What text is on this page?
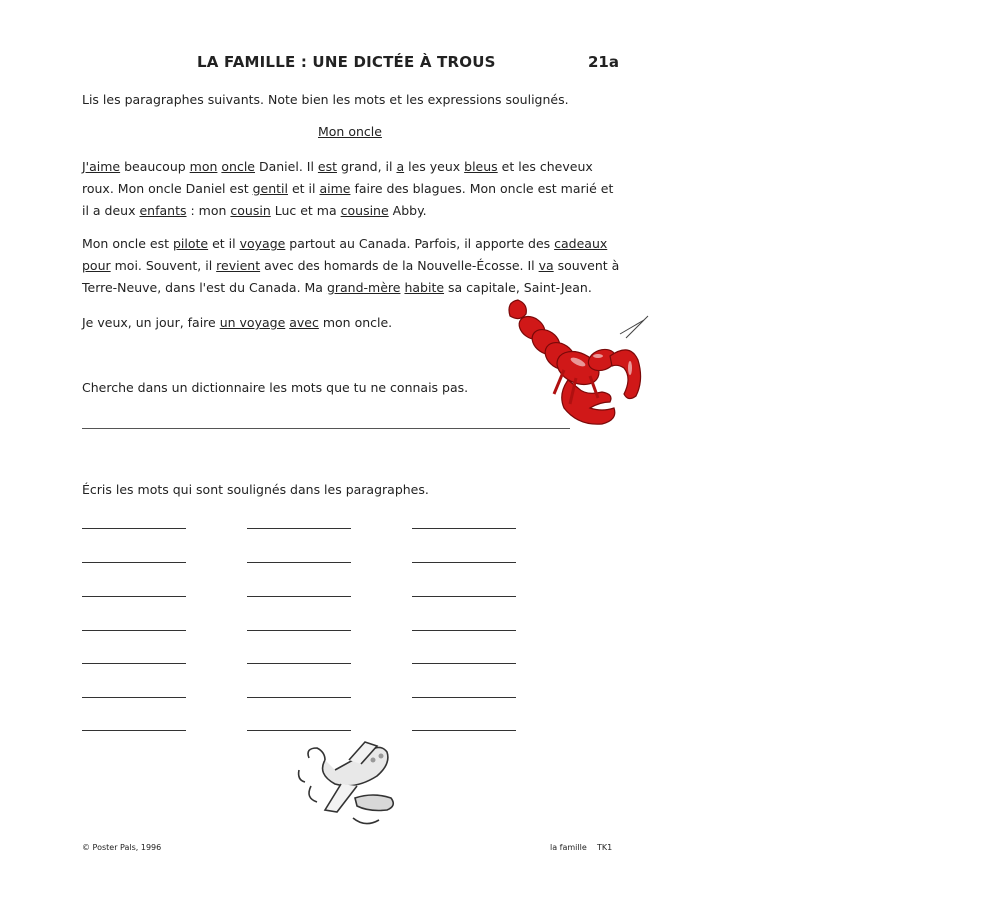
LA FAMILLE : UNE DICTÉE À TROUS	21a
Lis les paragraphes suivants. Note bien les mots et les expressions soulignés.
Mon oncle
J'aime beaucoup mon oncle Daniel. Il est grand, il a les yeux bleus et les cheveux roux. Mon oncle Daniel est gentil et il aime faire des blagues. Mon oncle est marié et il a deux enfants : mon cousin Luc et ma cousine Abby.
Mon oncle est pilote et il voyage partout au Canada. Parfois, il apporte des cadeaux pour moi. Souvent, il revient avec des homards de la Nouvelle-Écosse. Il va souvent à Terre-Neuve, dans l'est du Canada. Ma grand-mère habite sa capitale, Saint-Jean.
Je veux, un jour, faire un voyage avec mon oncle.
Cherche dans un dictionnaire les mots que tu ne connais pas.
Écris les mots qui sont soulignés dans les paragraphes.
© Poster Pals, 1996	la famille    TK1
